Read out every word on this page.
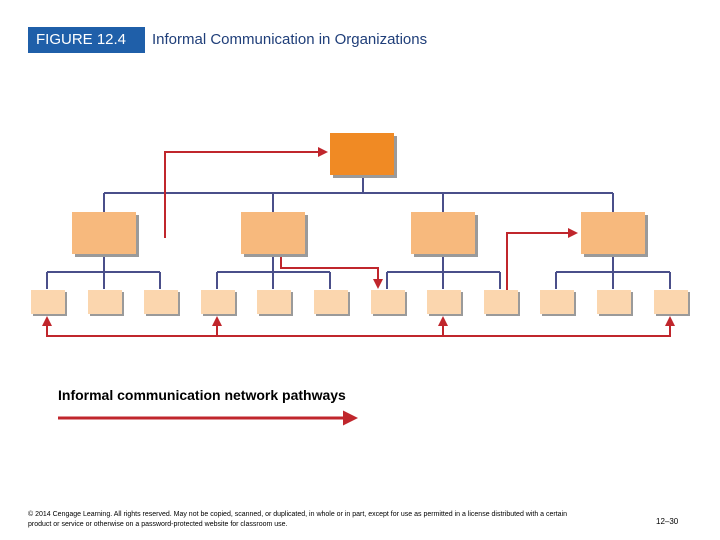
FIGURE 12.4	Informal Communication in Organizations
Informal communication network pathways
© 2014 Cengage Learning. All rights reserved. May not be copied, scanned, or duplicated, in whole or in part, except for use as permitted in a license distributed with a certain product or service or otherwise on a password-protected website for classroom use.	12–30
